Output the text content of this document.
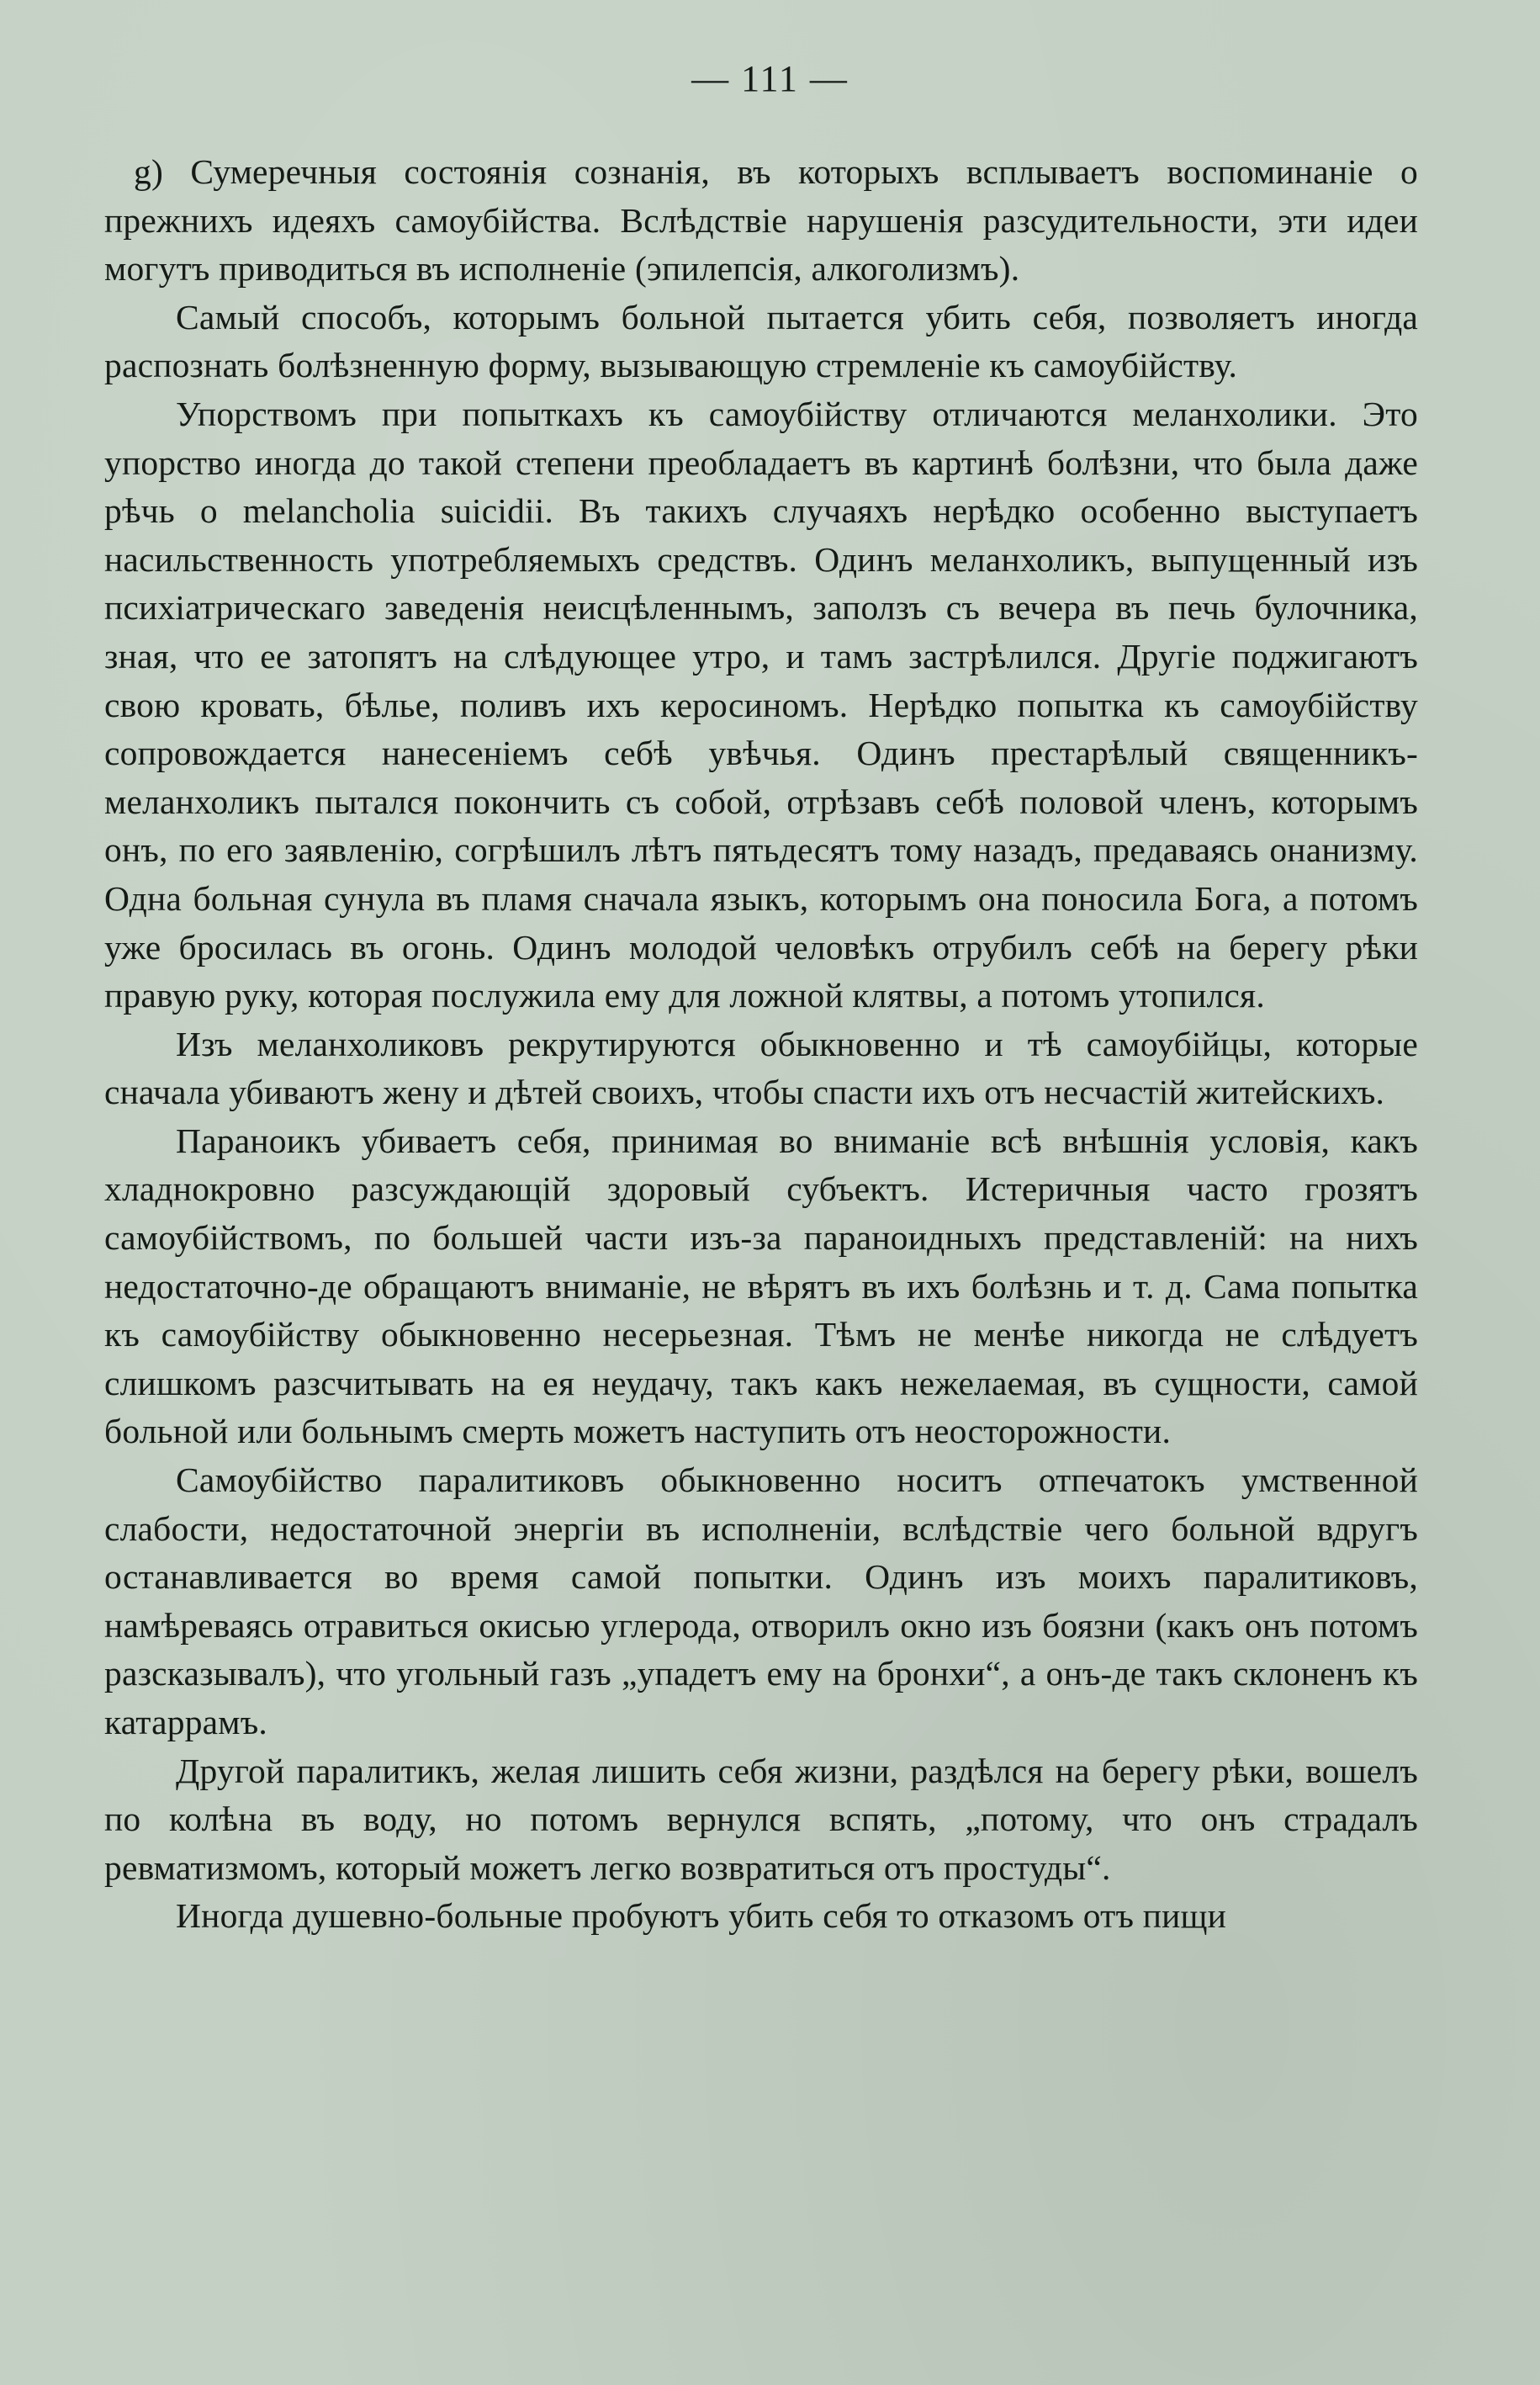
— 111 —

g) Сумеречныя состоянія сознанія, въ которыхъ всплываетъ воспоминаніе о прежнихъ идеяхъ самоубійства. Вслѣдствіе нарушенія разсудительности, эти идеи могутъ приводиться въ исполненіе (эпилепсія, алкоголизмъ).

Самый способъ, которымъ больной пытается убить себя, позволяетъ иногда распознать болѣзненную форму, вызывающую стремленіе къ самоубійству.

Упорствомъ при попыткахъ къ самоубійству отличаются меланхолики. Это упорство иногда до такой степени преобладаетъ въ картинѣ болѣзни, что была даже рѣчь о melancholia suicidii. Въ такихъ случаяхъ нерѣдко особенно выступаетъ насильственность употребляемыхъ средствъ. Одинъ меланхоликъ, выпущенный изъ психіатрическаго заведенія неисцѣленнымъ, заползъ съ вечера въ печь булочника, зная, что ее затопятъ на слѣдующее утро, и тамъ застрѣлился. Другіе поджигаютъ свою кровать, бѣлье, поливъ ихъ керосиномъ. Нерѣдко попытка къ самоубійству сопровождается нанесеніемъ себѣ увѣчья. Одинъ престарѣлый священникъ-меланхоликъ пытался покончить съ собой, отрѣзавъ себѣ половой членъ, которымъ онъ, по его заявленію, согрѣшилъ лѣтъ пятьдесятъ тому назадъ, предаваясь онанизму. Одна больная сунула въ пламя сначала языкъ, которымъ она поносила Бога, а потомъ уже бросилась въ огонь. Одинъ молодой человѣкъ отрубилъ себѣ на берегу рѣки правую руку, которая послужила ему для ложной клятвы, а потомъ утопился.

Изъ меланхоликовъ рекрутируются обыкновенно и тѣ самоубійцы, которые сначала убиваютъ жену и дѣтей своихъ, чтобы спасти ихъ отъ несчастій житейскихъ.

Параноикъ убиваетъ себя, принимая во вниманіе всѣ внѣшнія условія, какъ хладнокровно разсуждающій здоровый субъектъ. Истеричныя часто грозятъ самоубійствомъ, по большей части изъ-за параноидныхъ представленій: на нихъ недостаточно-де обращаютъ вниманіе, не вѣрятъ въ ихъ болѣзнь и т. д. Сама попытка къ самоубійству обыкновенно несерьезная. Тѣмъ не менѣе никогда не слѣдуетъ слишкомъ разсчитывать на ея неудачу, такъ какъ нежелаемая, въ сущности, самой больной или больнымъ смерть можетъ наступить отъ неосторожности.

Самоубійство паралитиковъ обыкновенно носитъ отпечатокъ умственной слабости, недостаточной энергіи въ исполненіи, вслѣдствіе чего больной вдругъ останавливается во время самой попытки. Одинъ изъ моихъ паралитиковъ, намѣреваясь отравиться окисью углерода, отворилъ окно изъ боязни (какъ онъ потомъ разсказывалъ), что угольный газъ „упадетъ ему на бронхи“, а онъ-де такъ склоненъ къ катаррамъ.

Другой паралитикъ, желая лишить себя жизни, раздѣлся на берегу рѣки, вошелъ по колѣна въ воду, но потомъ вернулся вспять, „потому, что онъ страдалъ ревматизмомъ, который можетъ легко возвратиться отъ простуды“.

Иногда душевно-больные пробуютъ убить себя то отказомъ отъ пищи
